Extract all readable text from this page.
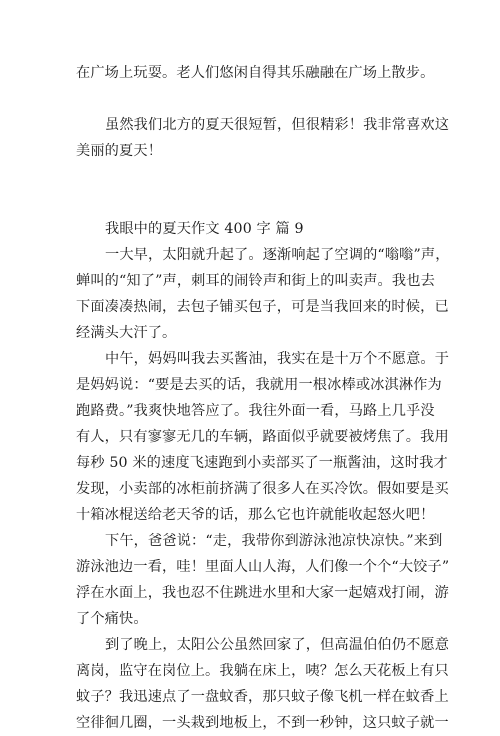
在广场上玩耍。老人们悠闲自得其乐融融在广场上散步。
虽然我们北方的夏天很短暂，但很精彩！我非常喜欢这
美丽的夏天！
我眼中的夏天作文 400 字 篇 9
一大早，太阳就升起了。逐渐响起了空调的“嗡嗡”声，
蝉叫的“知了”声，刺耳的闹铃声和街上的叫卖声。我也去
下面凑凑热闹，去包子铺买包子，可是当我回来的时候，已
经满头大汗了。
中午，妈妈叫我去买酱油，我实在是十万个不愿意。于
是妈妈说：“要是去买的话，我就用一根冰棒或冰淇淋作为
跑路费。”我爽快地答应了。我往外面一看，马路上几乎没
有人，只有寥寥无几的车辆，路面似乎就要被烤焦了。我用
每秒 50 米的速度飞速跑到小卖部买了一瓶酱油，这时我才
发现，小卖部的冰柜前挤满了很多人在买冷饮。假如要是买
十箱冰棍送给老天爷的话，那么它也许就能收起怒火吧！
下午，爸爸说：“走，我带你到游泳池凉快凉快。”来到
游泳池边一看，哇！里面人山人海，人们像一个个“大饺子”
浮在水面上，我也忍不住跳进水里和大家一起嬉戏打闹，游
了个痛快。
到了晚上，太阳公公虽然回家了，但高温伯伯仍不愿意
离岗，监守在岗位上。我躺在床上，咦？怎么天花板上有只
蚊子？我迅速点了一盘蚊香，那只蚊子像飞机一样在蚊香上
空徘徊几圈，一头栽到地板上，不到一秒钟，这只蚊子就一
